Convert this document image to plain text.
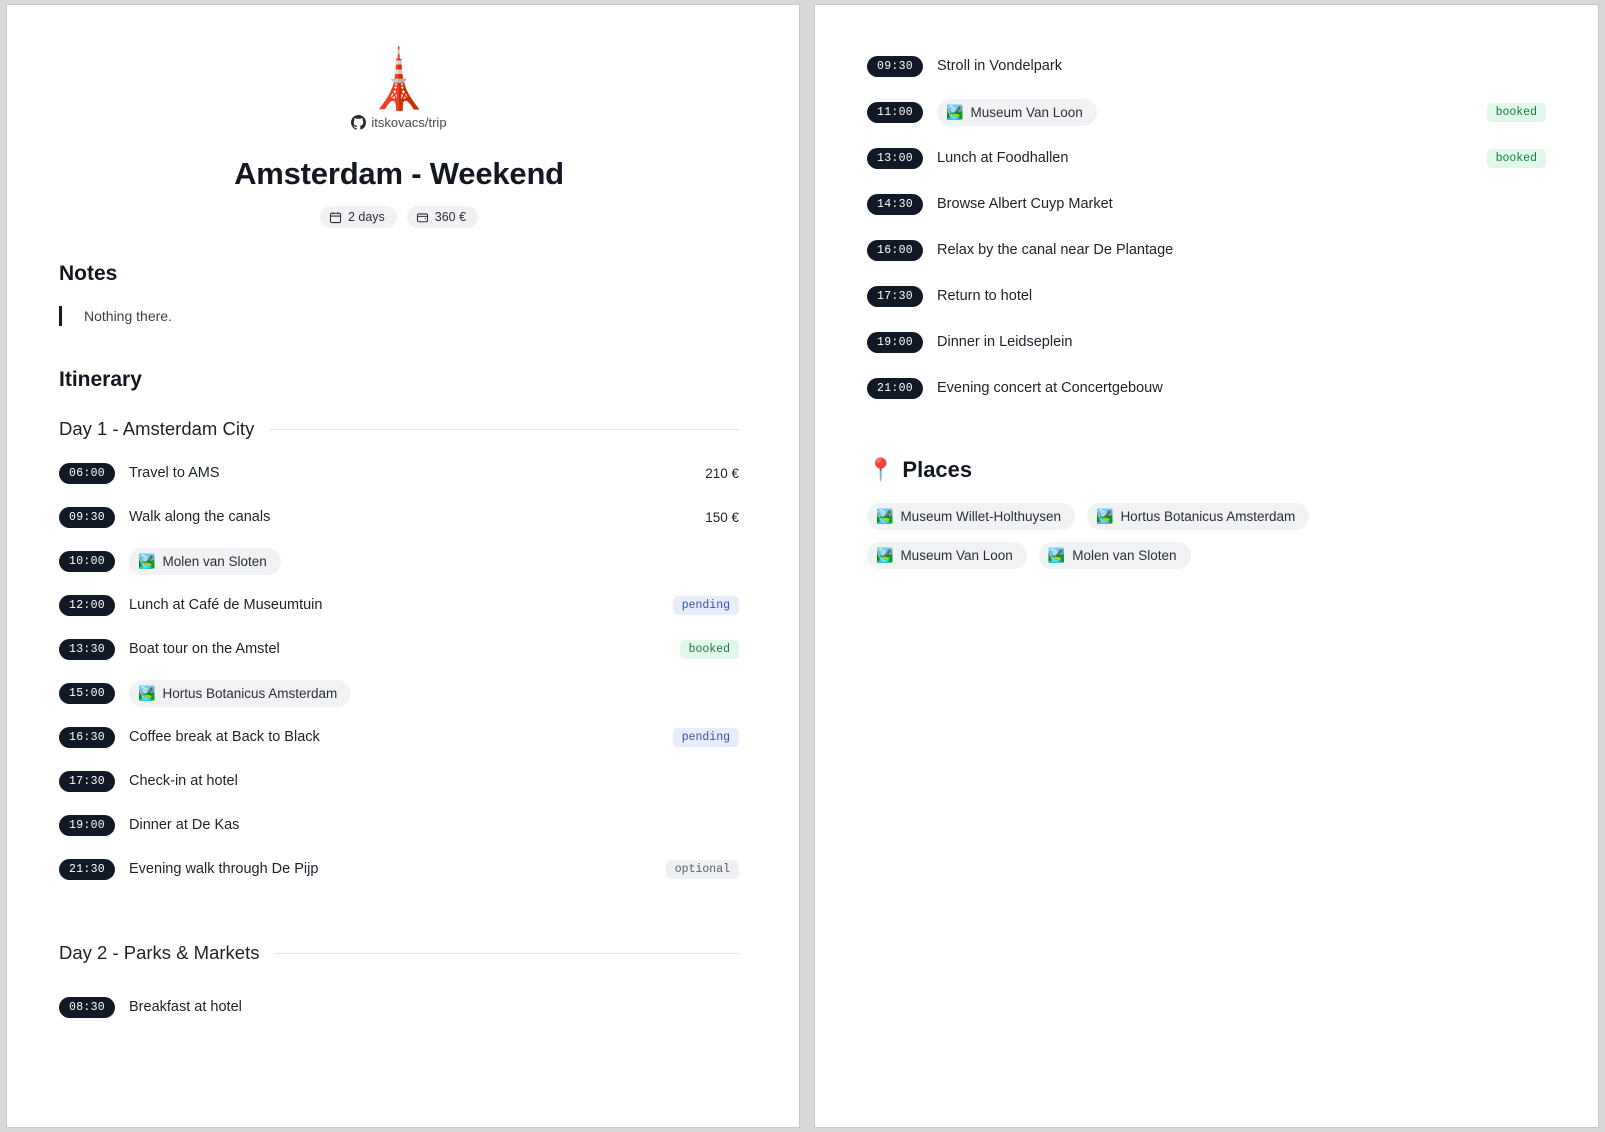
🗼
itskovacs/trip
Amsterdam - Weekend
2 days	360 €
Notes
Nothing there.
Itinerary
Day 1 - Amsterdam City
06:00	Travel to AMS	210 €
09:30	Walk along the canals	150 €
10:00	🏞️ Molen van Sloten
12:00	Lunch at Café de Museumtuin	pending
13:30	Boat tour on the Amstel	booked
15:00	🏞️ Hortus Botanicus Amsterdam
16:30	Coffee break at Back to Black	pending
17:30	Check-in at hotel
19:00	Dinner at De Kas
21:30	Evening walk through De Pijp	optional
Day 2 - Parks & Markets
08:30	Breakfast at hotel
09:30	Stroll in Vondelpark
11:00	🏞️ Museum Van Loon	booked
13:00	Lunch at Foodhallen	booked
14:30	Browse Albert Cuyp Market
16:00	Relax by the canal near De Plantage
17:30	Return to hotel
19:00	Dinner in Leidseplein
21:00	Evening concert at Concertgebouw
📍 Places
🏞️ Museum Willet-Holthuysen	🏞️ Hortus Botanicus Amsterdam
🏞️ Museum Van Loon	🏞️ Molen van Sloten
